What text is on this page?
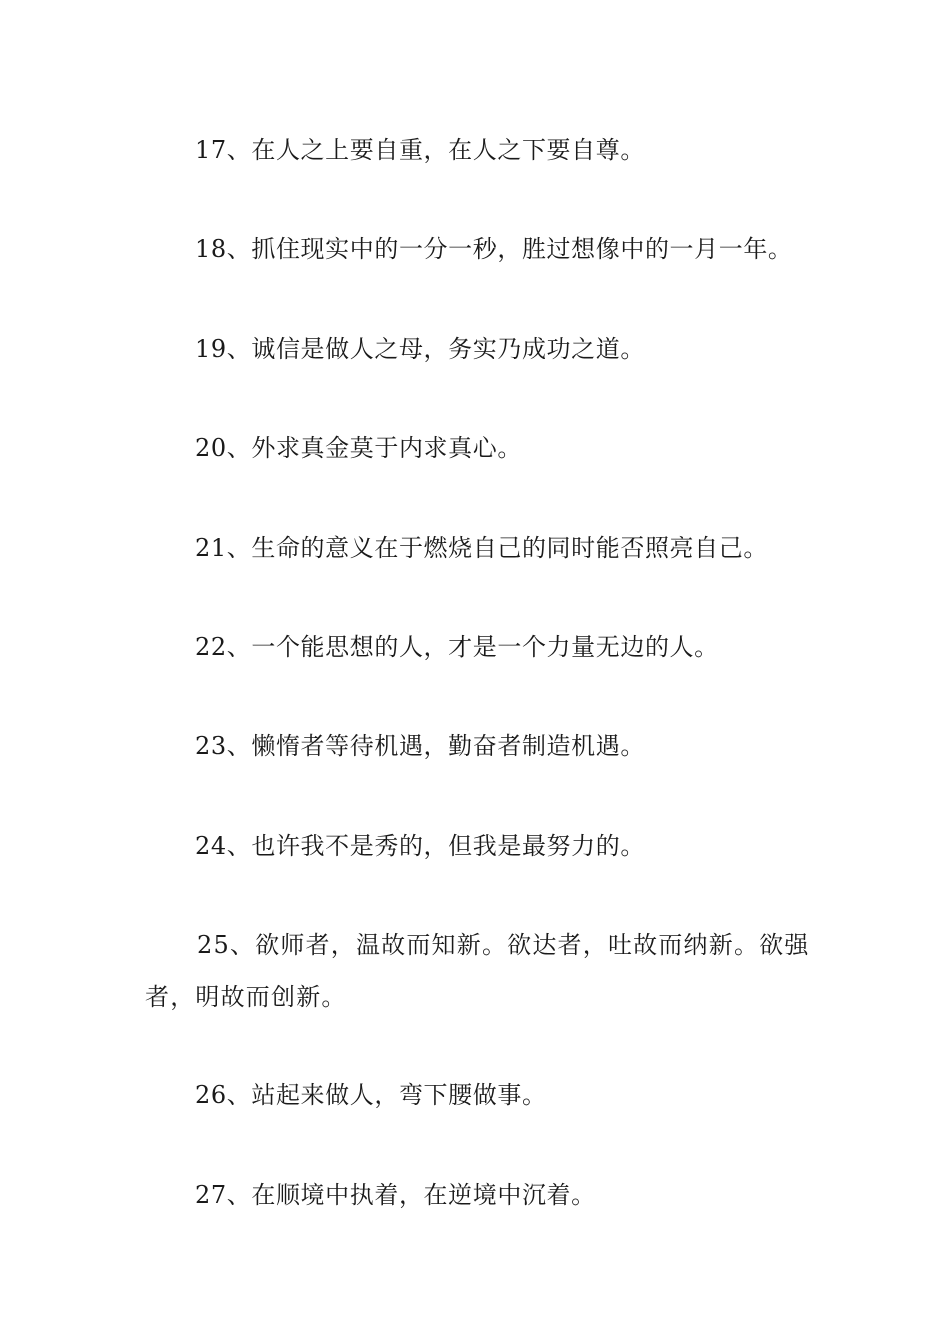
17、在人之上要自重，在人之下要自尊。
18、抓住现实中的一分一秒，胜过想像中的一月一年。
19、诚信是做人之母，务实乃成功之道。
20、外求真金莫于内求真心。
21、生命的意义在于燃烧自己的同时能否照亮自己。
22、一个能思想的人，才是一个力量无边的人。
23、懒惰者等待机遇，勤奋者制造机遇。
24、也许我不是秀的，但我是最努力的。
25、欲师者，温故而知新。欲达者，吐故而纳新。欲强者，明故而创新。
26、站起来做人，弯下腰做事。
27、在顺境中执着，在逆境中沉着。
